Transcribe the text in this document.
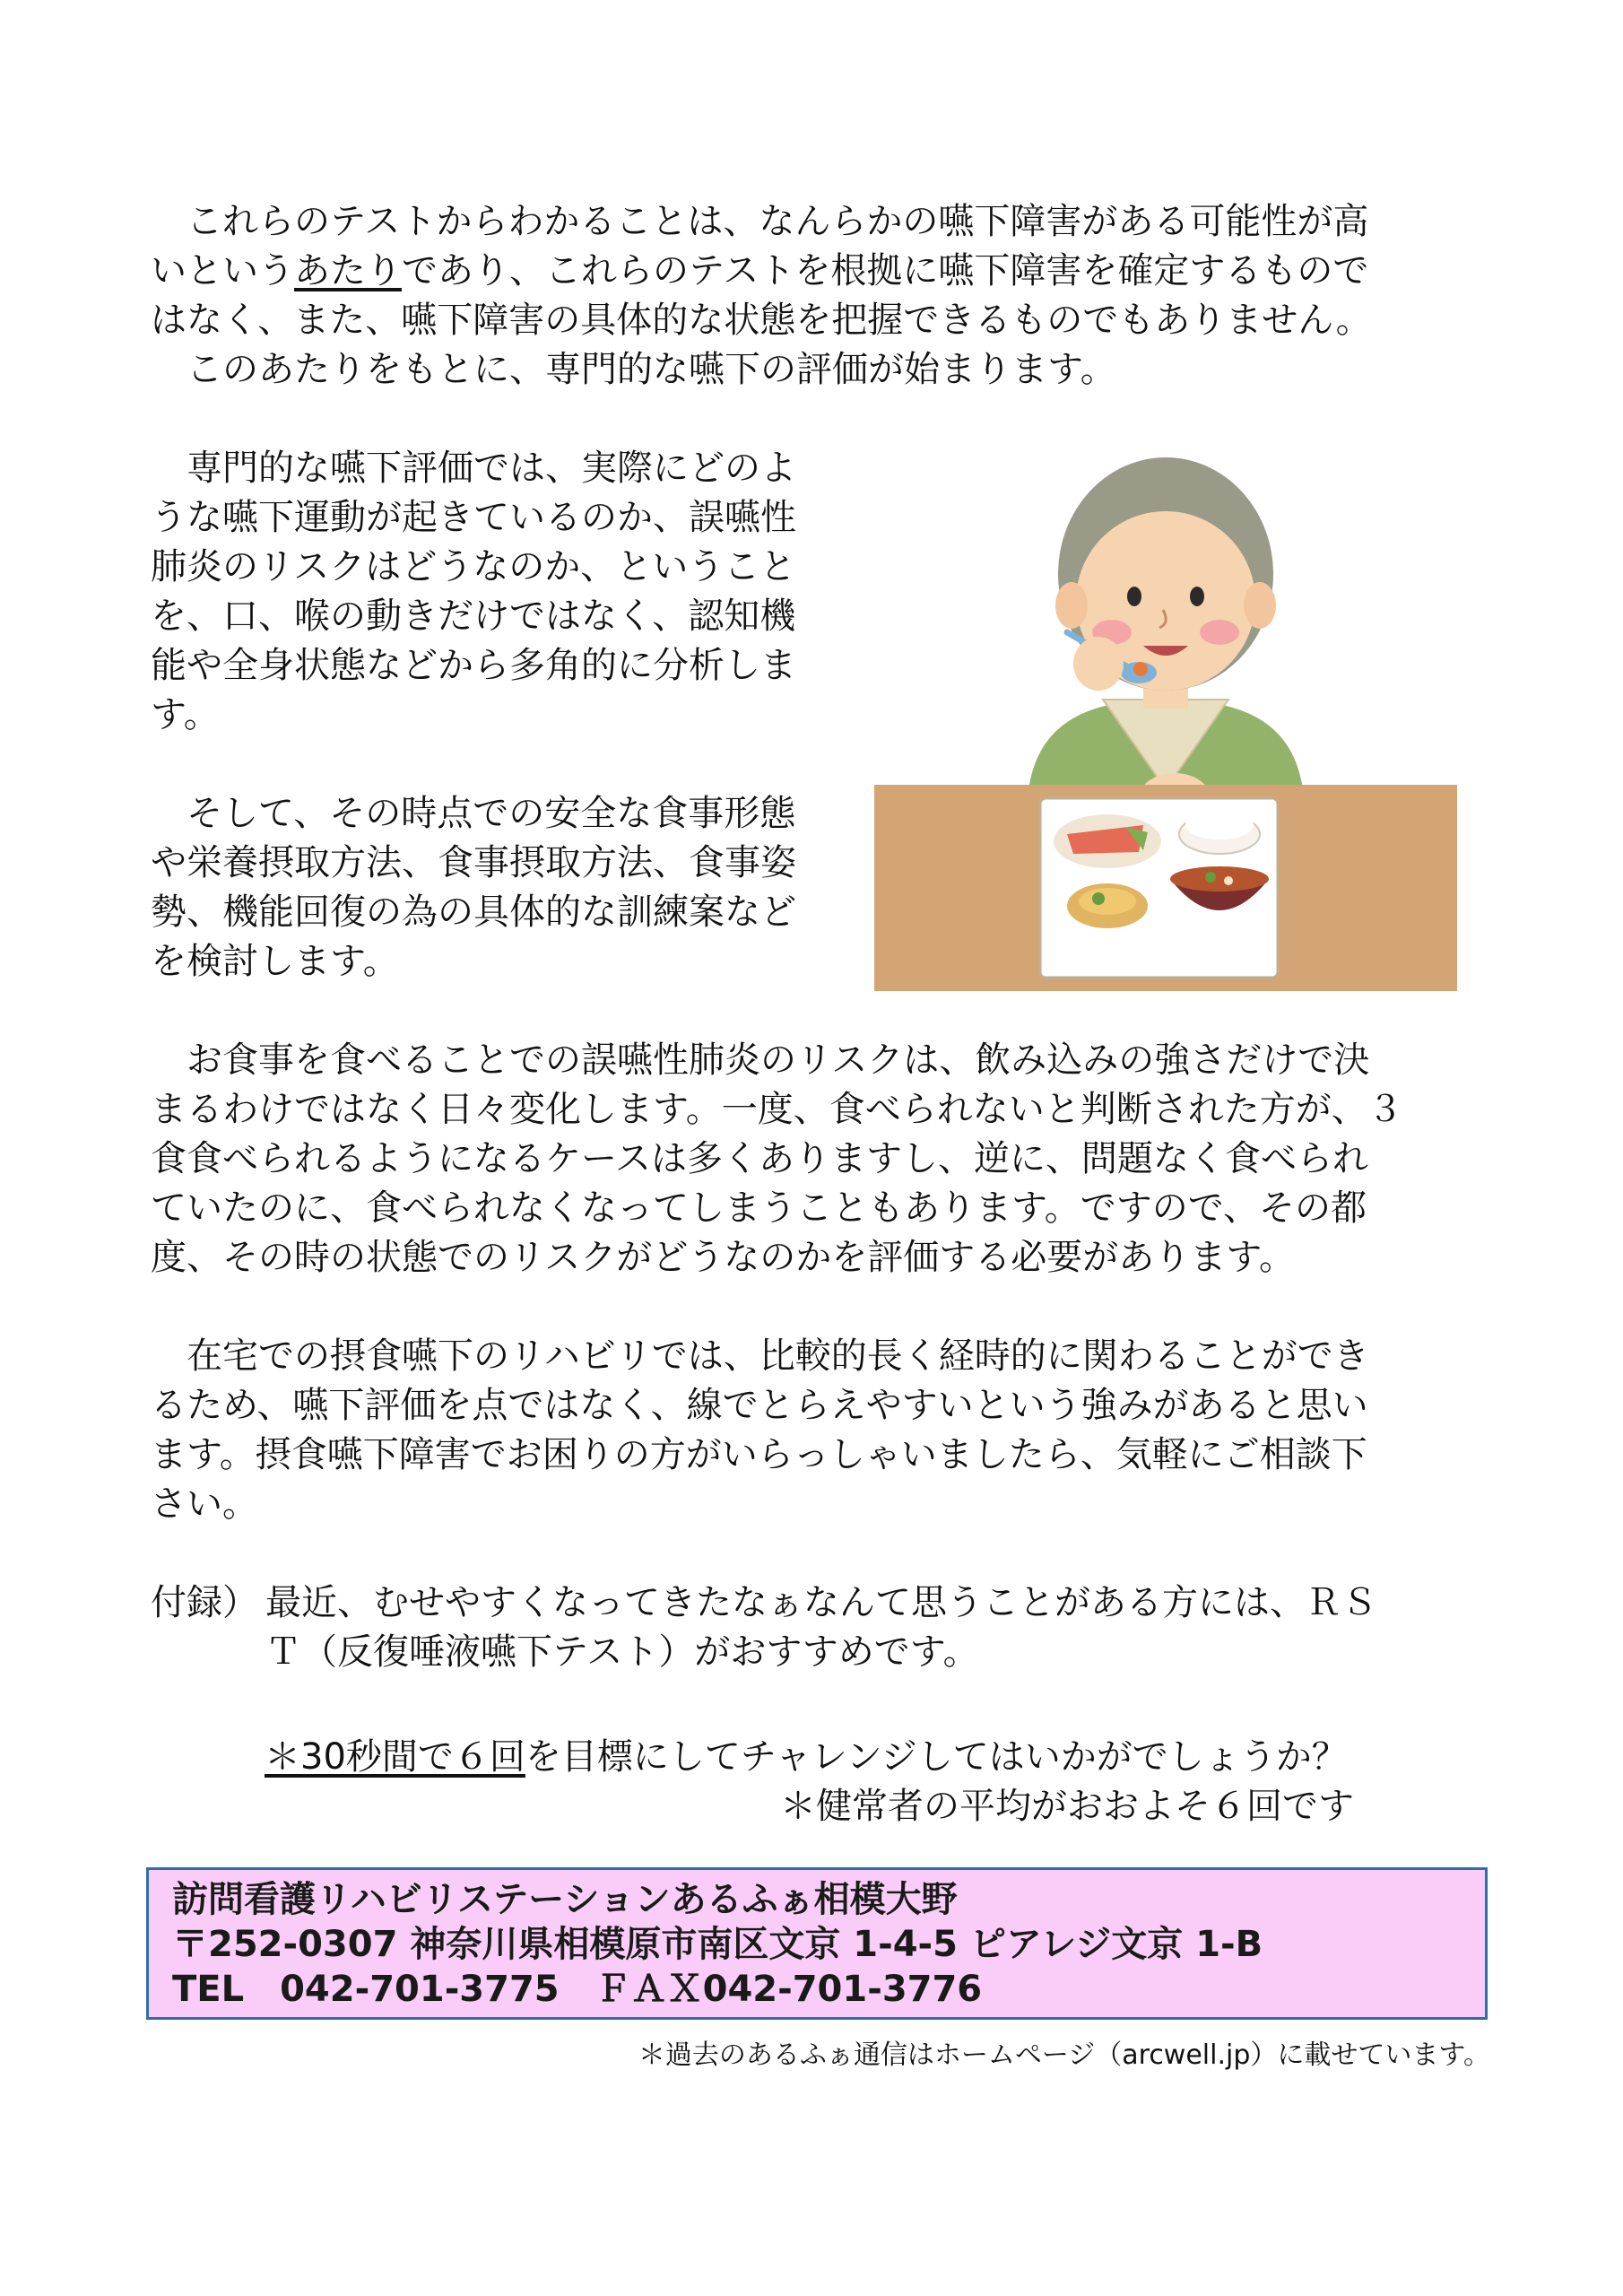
　これらのテストからわかることは、なんらかの嚥下障害がある可能性が高
いというあたりであり、これらのテストを根拠に嚥下障害を確定するもので
はなく、また、嚥下障害の具体的な状態を把握できるものでもありません。
　このあたりをもとに、専門的な嚥下の評価が始まります。

　専門的な嚥下評価では、実際にどのよ
うな嚥下運動が起きているのか、誤嚥性
肺炎のリスクはどうなのか、ということ
を、口、喉の動きだけではなく、認知機
能や全身状態などから多角的に分析しま
す。

　そして、その時点での安全な食事形態
や栄養摂取方法、食事摂取方法、食事姿
勢、機能回復の為の具体的な訓練案など
を検討します。

　お食事を食べることでの誤嚥性肺炎のリスクは、飲み込みの強さだけで決
まるわけではなく日々変化します。一度、食べられないと判断された方が、３
食食べられるようになるケースは多くありますし、逆に、問題なく食べられ
ていたのに、食べられなくなってしまうこともあります。ですので、その都
度、その時の状態でのリスクがどうなのかを評価する必要があります。

　在宅での摂食嚥下のリハビリでは、比較的長く経時的に関わることができ
るため、嚥下評価を点ではなく、線でとらえやすいという強みがあると思い
ます。摂食嚥下障害でお困りの方がいらっしゃいましたら、気軽にご相談下
さい。

付録） 最近、むせやすくなってきたなぁなんて思うことがある方には、ＲＳ
Ｔ（反復唾液嚥下テスト）がおすすめです。
＊30秒間で６回を目標にしてチャレンジしてはいかがでしょうか？
＊健常者の平均がおおよそ６回です
訪問看護リハビリステーションあるふぁ相模大野
〒252-0307 神奈川県相模原市南区文京 1-4-5 ピアレジ文京 1-B
TEL　042-701-3775　ＦＡＸ042-701-3776
＊過去のあるふぁ通信はホームページ（arcwell.jp）に載せています。
